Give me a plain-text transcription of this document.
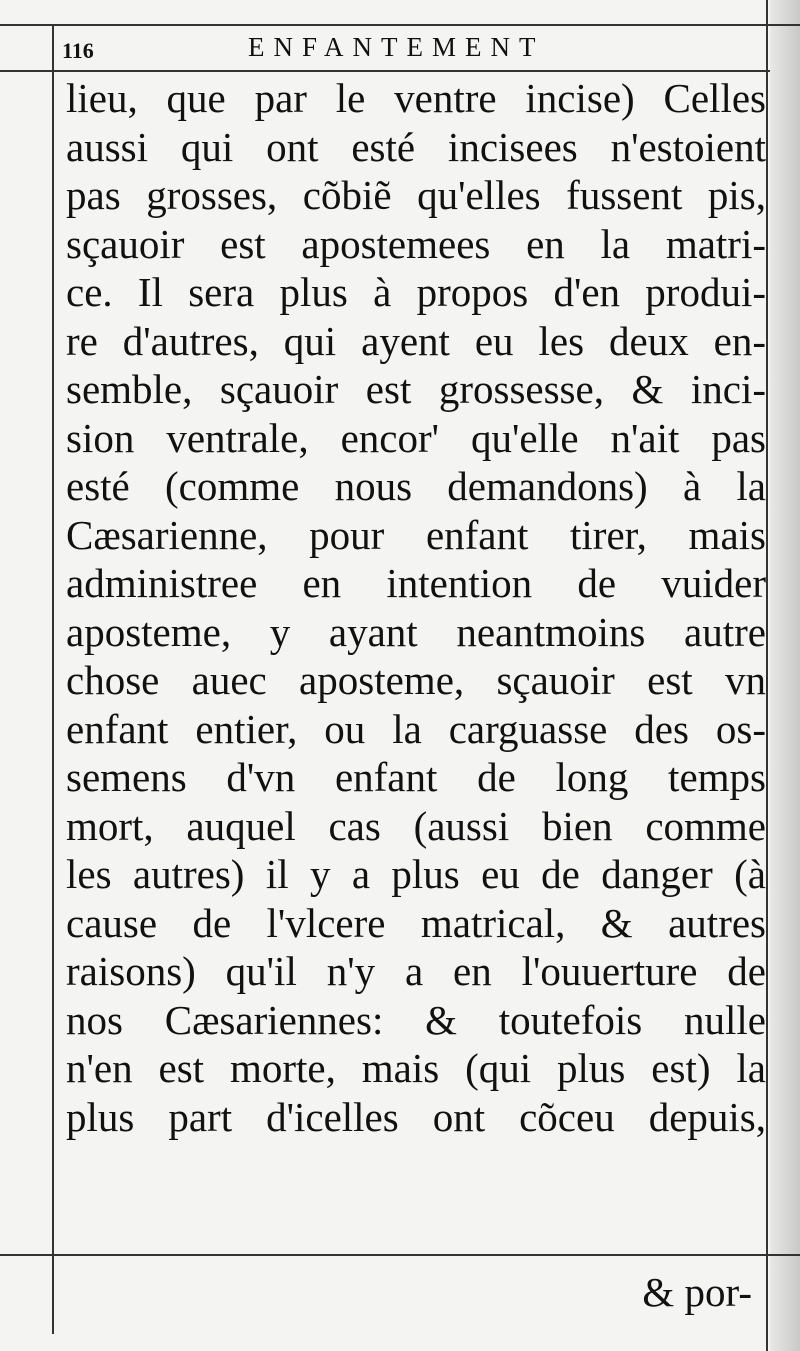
116	ENFANTEMENT
lieu, que par le ventre incise) Celles
aussi qui ont esté incisees n'estoient
pas grosses, cõbiẽ qu'elles fussent pis,
sçauoir est apostemees en la matri-
ce. Il sera plus à propos d'en produi-
re d'autres, qui ayent eu les deux en-
semble, sçauoir est grossesse, & inci-
sion ventrale, encor' qu'elle n'ait pas
esté (comme nous demandons) à la
Cæsarienne, pour enfant tirer, mais
administree en intention de vuider
aposteme, y ayant neantmoins autre
chose auec aposteme, sçauoir est vn
enfant entier, ou la carguasse des os-
semens d'vn enfant de long temps
mort, auquel cas (aussi bien comme
les autres) il y a plus eu de danger (à
cause de l'vlcere matrical, & autres
raisons) qu'il n'y a en l'ouuerture de
nos Cæsariennes: & toutefois nulle
n'en est morte, mais (qui plus est) la
plus part d'icelles ont cõceu depuis,
& por-
